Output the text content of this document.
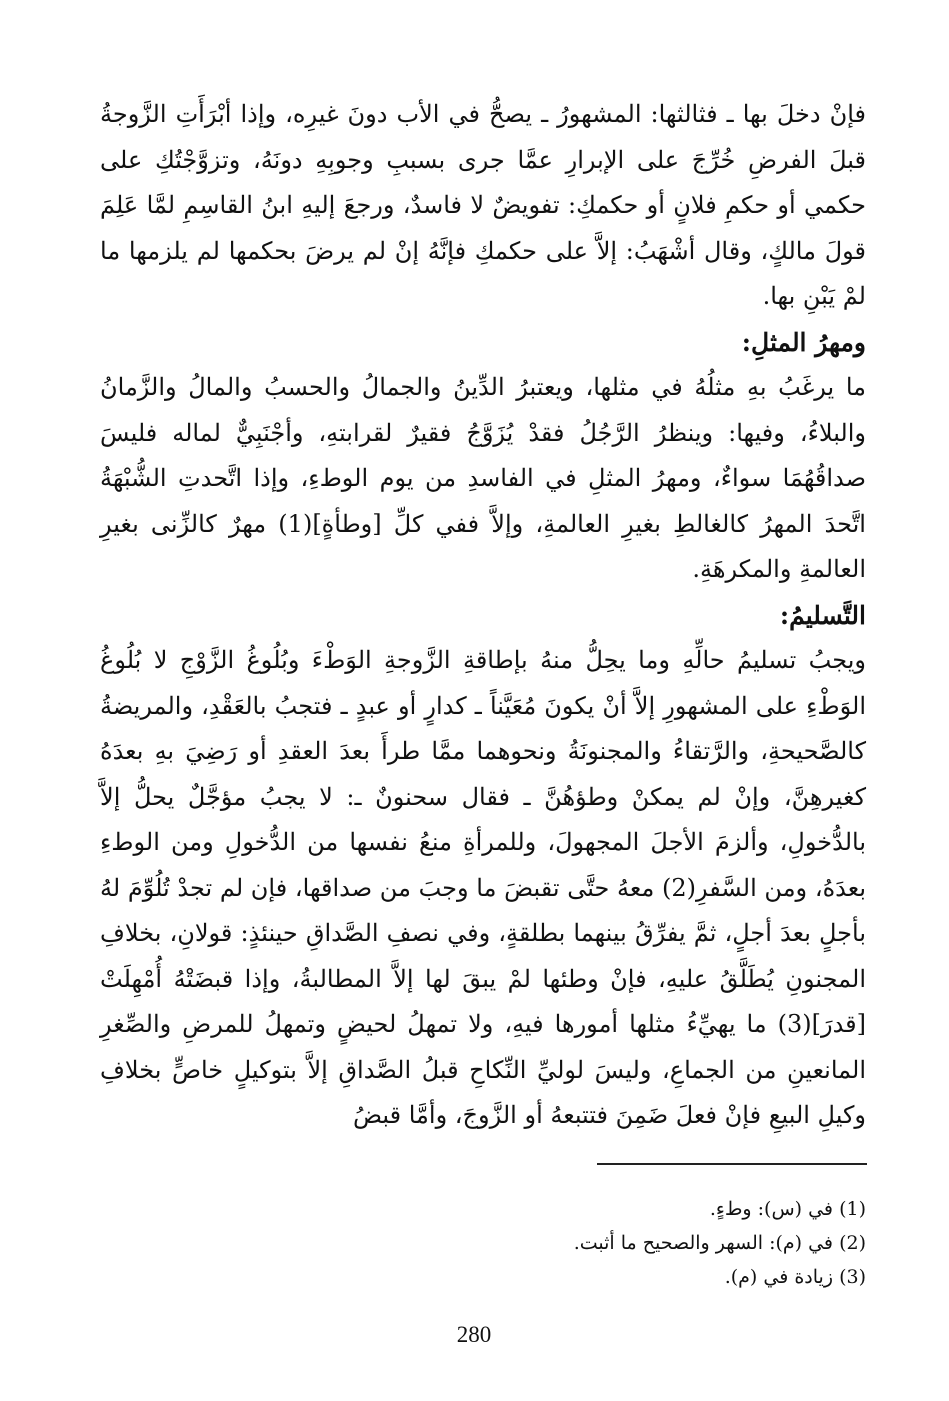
فإنْ دخلَ بها ـ فثالثها: المشهورُ ـ يصحُّ في الأب دونَ غيرِه، وإذا أبْرَأَتِ الزَّوجةُ قبلَ الفرضِ خُرِّجَ على الإبرارِ عمَّا جرى بسببِ وجوبِهِ دونَهُ، وتزوَّجْتُكِ على حكمي أو حكمِ فلانٍ أو حكمكِ: تفويضٌ لا فاسدٌ، ورجعَ إليهِ ابنُ القاسِمِ لمَّا عَلِمَ قولَ مالكٍ، وقال أشْهَبُ: إلاَّ على حكمكِ فإنَّهُ إنْ لم يرضَ بحكمها لم يلزمها ما لمْ يَبْنِ بها.

ومهرُ المثلِ:

ما يرغَبُ بهِ مثلُهُ في مثلها، ويعتبرُ الدِّينُ والجمالُ والحسبُ والمالُ والزَّمانُ والبلاءُ، وفيها: وينظرُ الرَّجُلُ فقدْ يُزَوَّجُ فقيرٌ لقرابتهِ، وأجْنَبِيٌّ لماله فليسَ صداقُهُمَا سواءٌ، ومهرُ المثلِ في الفاسدِ من يوم الوطءِ، وإذا اتَّحدتِ الشُّبْهَةُ اتَّحدَ المهرُ كالغالطِ بغيرِ العالمةِ، وإلاَّ ففي كلِّ [وطأةٍ](1) مهرٌ كالزِّنى بغيرِ العالمةِ والمكرهَةِ.

التَّسليمُ:

ويجبُ تسليمُ حالِّهِ وما يحِلُّ منهُ بإطاقةِ الزَّوجةِ الوَطْءَ وبُلُوغُ الزَّوْجِ لا بُلُوغُ الوَطْءِ على المشهورِ إلاَّ أنْ يكونَ مُعَيَّناً ـ كدارٍ أو عبدٍ ـ فتجبُ بالعَقْدِ، والمريضةُ كالصَّحيحةِ، والرَّتقاءُ والمجنونَةُ ونحوهما ممَّا طرأَ بعدَ العقدِ أو رَضِيَ بهِ بعدَهُ كغيرهِنَّ، وإنْ لم يمكنْ وطؤهُنَّ ـ فقال سحنونٌ ـ: لا يجبُ مؤجَّلٌ يحلُّ إلاَّ بالدُّخولِ، وألزمَ الأجلَ المجهولَ، وللمرأةِ منعُ نفسها من الدُّخولِ ومن الوطءِ بعدَهُ، ومن السَّفرِ(2) معهُ حتَّى تقبضَ ما وجبَ من صداقها، فإن لم تجدْ تُلُوِّمَ لهُ بأجلٍ بعدَ أجلٍ، ثمَّ يفرِّقُ بينهما بطلقةٍ، وفي نصفِ الصَّداقِ حينئذٍ: قولانِ، بخلافِ المجنونِ يُطَلَّقُ عليهِ، فإنْ وطئها لمْ يبقَ لها إلاَّ المطالبةُ، وإذا قبضَتْهُ أُمْهِلَتْ [قدرَ](3) ما يهيِّءُ مثلها أمورها فيهِ، ولا تمهلُ لحيضٍ وتمهلُ للمرضِ والصِّغرِ المانعينِ من الجماعِ، وليسَ لوليِّ النِّكاحِ قبلُ الصَّداقِ إلاَّ بتوكيلٍ خاصٍّ بخلافِ وكيلِ البيعِ فإنْ فعلَ ضَمِنَ فتتبعهُ أو الزَّوجَ، وأمَّا قبضُ

(1) في (س): وطءٍ.
(2) في (م): السهر والصحيح ما أثبت.
(3) زيادة في (م).
280
